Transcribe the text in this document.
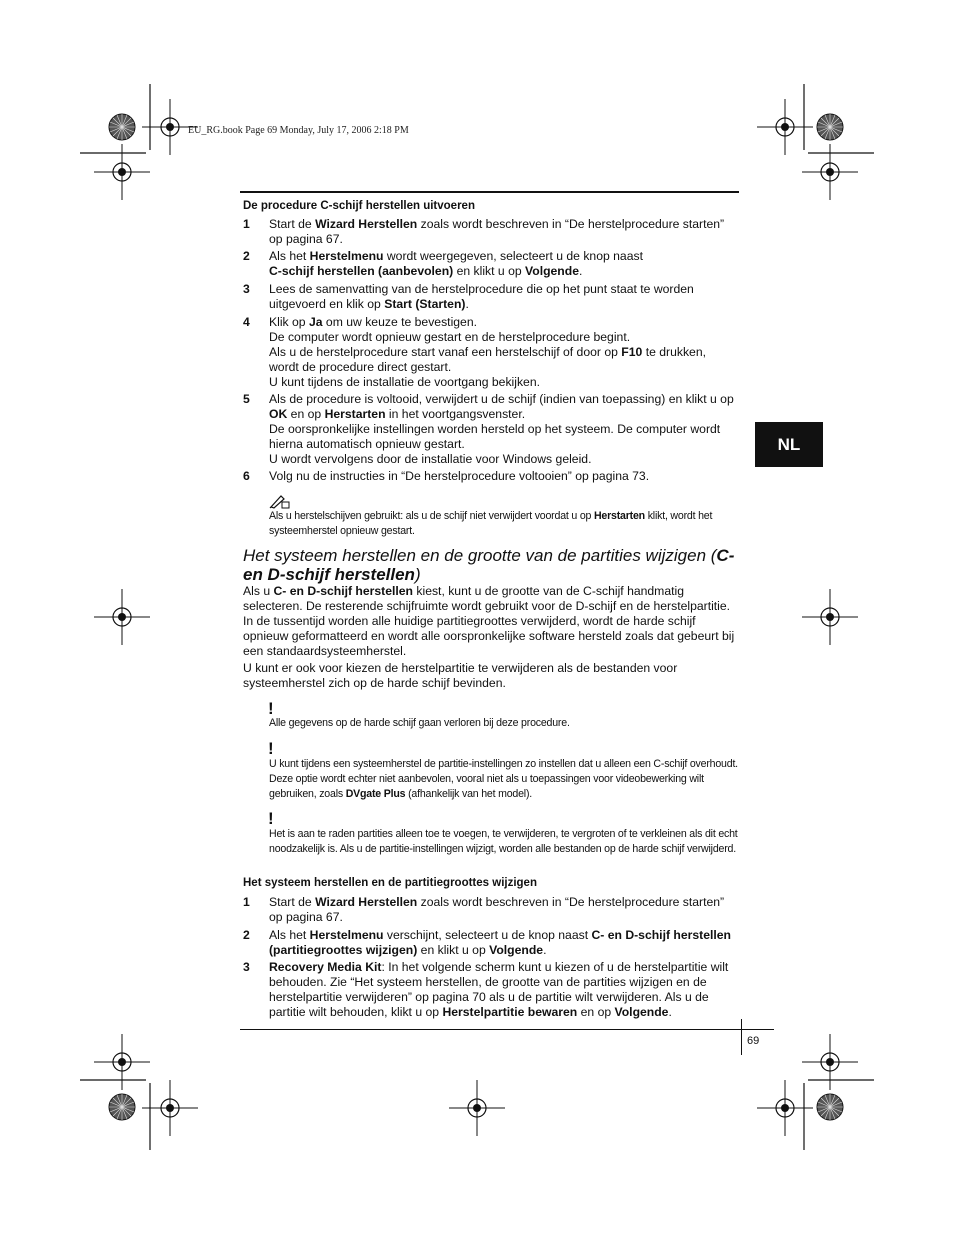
EU_RG.book Page 69 Monday, July 17, 2006 2:18 PM
NL
De procedure C-schijf herstellen uitvoeren
1 Start de Wizard Herstellen zoals wordt beschreven in “De herstelprocedure starten” op pagina 67.
2 Als het Herstelmenu wordt weergegeven, selecteert u de knop naast
C-schijf herstellen (aanbevolen) en klikt u op Volgende.
3 Lees de samenvatting van de herstelprocedure die op het punt staat te worden uitgevoerd en klik op Start (Starten).
4 Klik op Ja om uw keuze te bevestigen.
De computer wordt opnieuw gestart en de herstelprocedure begint.
Als u de herstelprocedure start vanaf een herstelschijf of door op F10 te drukken, wordt de procedure direct gestart.
U kunt tijdens de installatie de voortgang bekijken.
5 Als de procedure is voltooid, verwijdert u de schijf (indien van toepassing) en klikt u op OK en op Herstarten in het voortgangsvenster.
De oorspronkelijke instellingen worden hersteld op het systeem. De computer wordt hierna automatisch opnieuw gestart.
U wordt vervolgens door de installatie voor Windows geleid.
6 Volg nu de instructies in “De herstelprocedure voltooien” op pagina 73.
Als u herstelschijven gebruikt: als u de schijf niet verwijdert voordat u op Herstarten klikt, wordt het systeemherstel opnieuw gestart.
Het systeem herstellen en de grootte van de partities wijzigen (C- en D-schijf herstellen)
Als u C- en D-schijf herstellen kiest, kunt u de grootte van de C-schijf handmatig selecteren. De resterende schijfruimte wordt gebruikt voor de D-schijf en de herstelpartitie. In de tussentijd worden alle huidige partitiegroottes verwijderd, wordt de harde schijf opnieuw geformatteerd en wordt alle oorspronkelijke software hersteld zoals dat gebeurt bij een standaardsysteemherstel.
U kunt er ook voor kiezen de herstelpartitie te verwijderen als de bestanden voor systeemherstel zich op de harde schijf bevinden.
!
Alle gegevens op de harde schijf gaan verloren bij deze procedure.
!
U kunt tijdens een systeemherstel de partitie-instellingen zo instellen dat u alleen een C-schijf overhoudt. Deze optie wordt echter niet aanbevolen, vooral niet als u toepassingen voor videobewerking wilt gebruiken, zoals DVgate Plus (afhankelijk van het model).
!
Het is aan te raden partities alleen toe te voegen, te verwijderen, te vergroten of te verkleinen als dit echt noodzakelijk is. Als u de partitie-instellingen wijzigt, worden alle bestanden op de harde schijf verwijderd.
Het systeem herstellen en de partitiegroottes wijzigen
1 Start de Wizard Herstellen zoals wordt beschreven in “De herstelprocedure starten” op pagina 67.
2 Als het Herstelmenu verschijnt, selecteert u de knop naast C- en D-schijf herstellen (partitiegroottes wijzigen) en klikt u op Volgende.
3 Recovery Media Kit: In het volgende scherm kunt u kiezen of u de herstelpartitie wilt behouden. Zie “Het systeem herstellen, de grootte van de partities wijzigen en de herstelpartitie verwijderen” op pagina 70 als u de partitie wilt verwijderen. Als u de partitie wilt behouden, klikt u op Herstelpartitie bewaren en op Volgende.
69
